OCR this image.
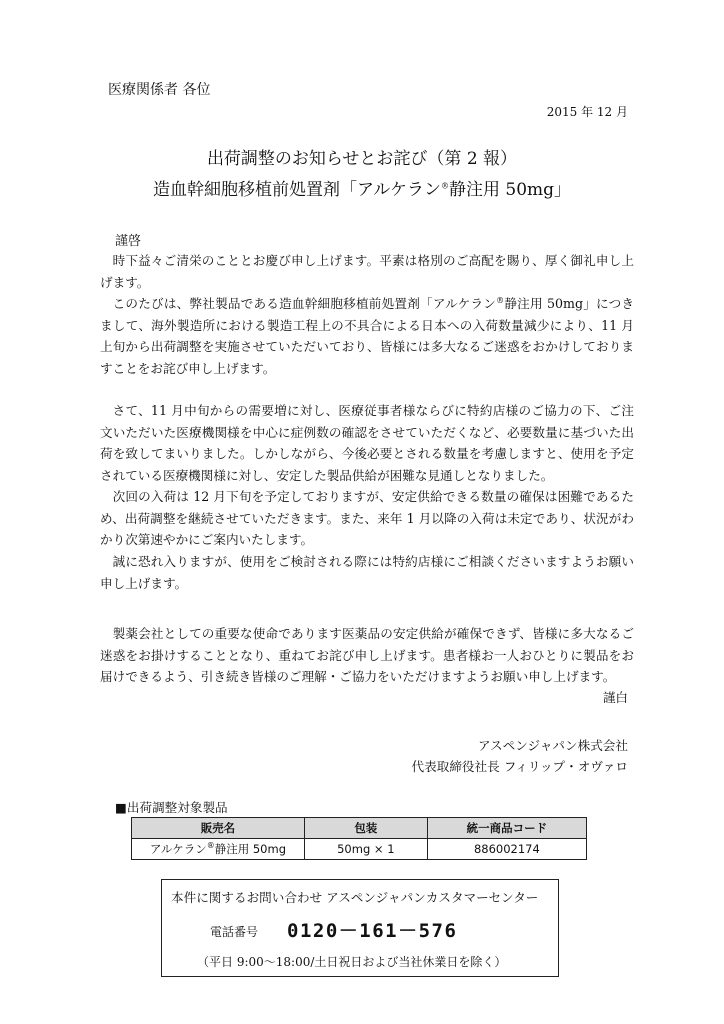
医療関係者 各位
2015 年 12 月
出荷調整のお知らせとお詫び（第 2 報）
造血幹細胞移植前処置剤「アルケラン®静注用 50mg」
謹啓

時下益々ご清栄のこととお慶び申し上げます。平素は格別のご高配を賜り、厚く御礼申し上げます。

このたびは、弊社製品である造血幹細胞移植前処置剤「アルケラン®静注用 50mg」につきまして、海外製造所における製造工程上の不具合による日本への入荷数量減少により、11 月上旬から出荷調整を実施させていただいており、皆様には多大なるご迷惑をおかけしておりますことをお詫び申し上げます。

さて、11 月中旬からの需要増に対し、医療従事者様ならびに特約店様のご協力の下、ご注文いただいた医療機関様を中心に症例数の確認をさせていただくなど、必要数量に基づいた出荷を致してまいりました。しかしながら、今後必要とされる数量を考慮しますと、使用を予定されている医療機関様に対し、安定した製品供給が困難な見通しとなりました。

次回の入荷は 12 月下旬を予定しておりますが、安定供給できる数量の確保は困難であるため、出荷調整を継続させていただきます。また、来年 1 月以降の入荷は未定であり、状況がわかり次第速やかにご案内いたします。

誠に恐れ入りますが、使用をご検討される際には特約店様にご相談くださいますようお願い申し上げます。

製薬会社としての重要な使命であります医薬品の安定供給が確保できず、皆様に多大なるご迷惑をお掛けすることとなり、重ねてお詫び申し上げます。患者様お一人おひとりに製品をお届けできるよう、引き続き皆様のご理解・ご協力をいただけますようお願い申し上げます。

謹白
アスペンジャパン株式会社
代表取締役社長 フィリップ・オヴァロ
■出荷調整対象製品
販売名	包装	統一商品コード
アルケラン®静注用 50mg	50mg × 1	886002174
本件に関するお問い合わせ アスペンジャパンカスタマーセンター
電話番号 0120－161－576
（平日 9:00～18:00/土日祝日および当社休業日を除く）
